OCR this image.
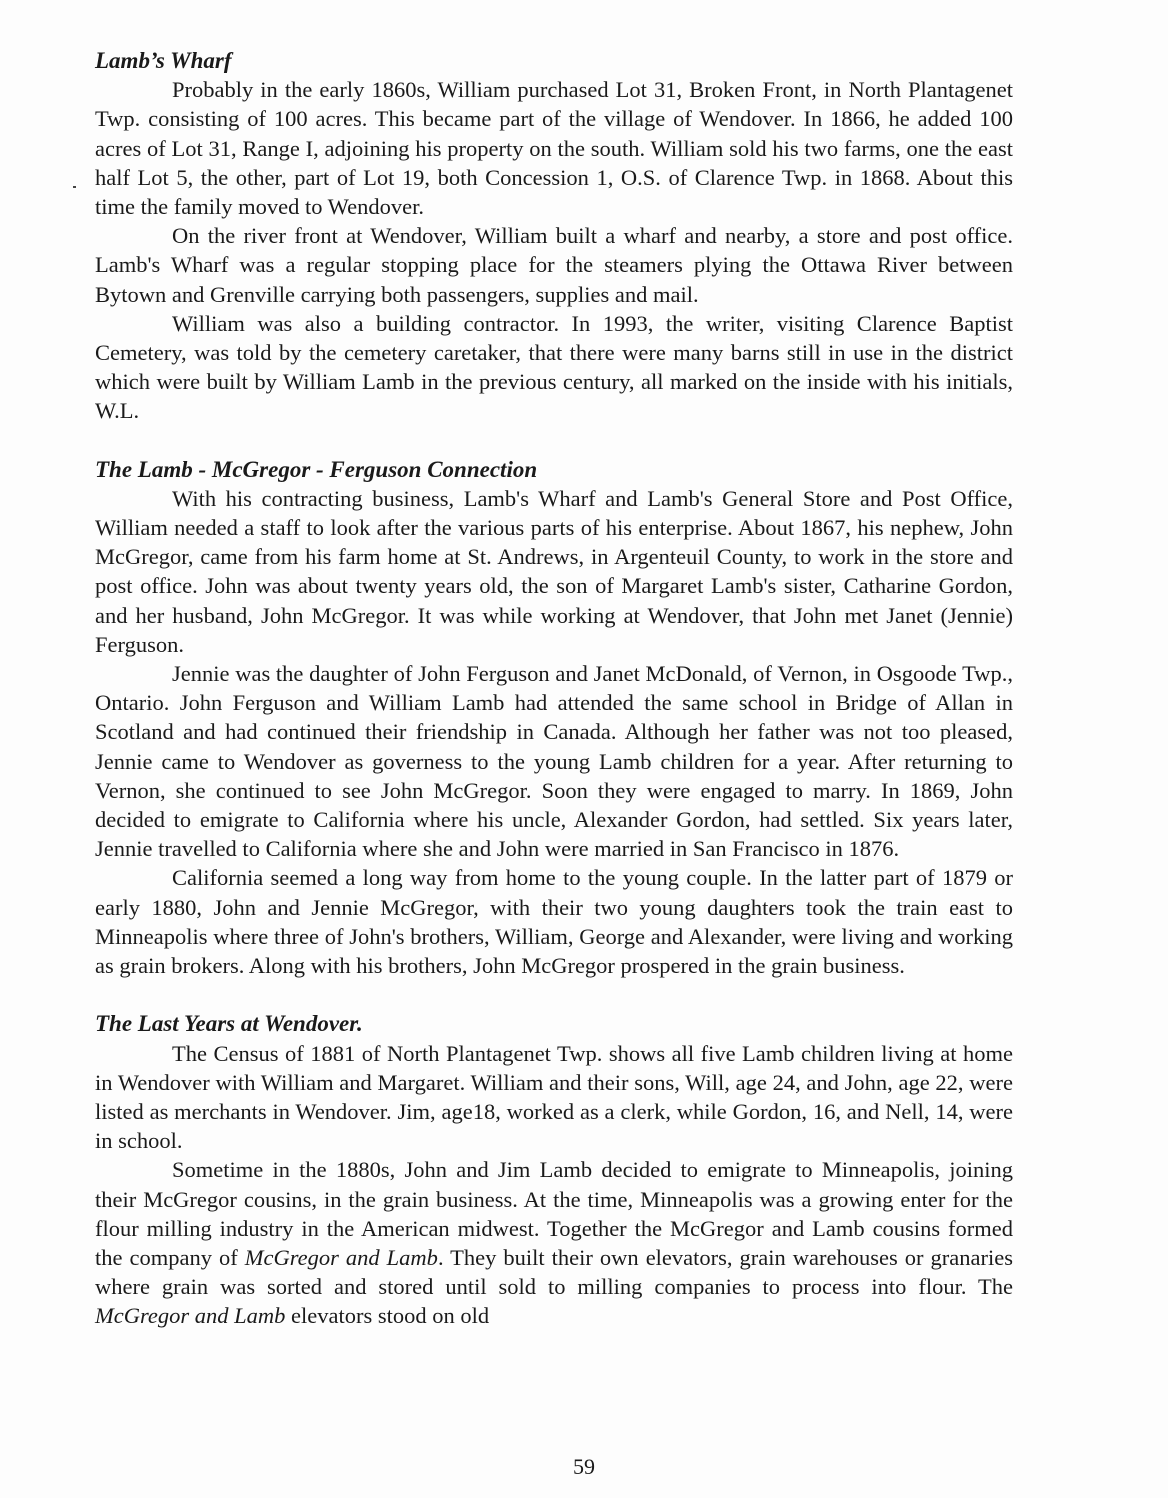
Lamb’s Wharf

Probably in the early 1860s, William purchased Lot 31, Broken Front, in North Plantagenet Twp. consisting of 100 acres. This became part of the village of Wendover. In 1866, he added 100 acres of Lot 31, Range I, adjoining his property on the south. William sold his two farms, one the east half Lot 5, the other, part of Lot 19, both Concession 1, O.S. of Clarence Twp. in 1868. About this time the family moved to Wendover.

On the river front at Wendover, William built a wharf and nearby, a store and post office. Lamb's Wharf was a regular stopping place for the steamers plying the Ottawa River between Bytown and Grenville carrying both passengers, supplies and mail.

William was also a building contractor. In 1993, the writer, visiting Clarence Baptist Cemetery, was told by the cemetery caretaker, that there were many barns still in use in the district which were built by William Lamb in the previous century, all marked on the inside with his initials, W.L.

The Lamb - McGregor - Ferguson Connection

With his contracting business, Lamb's Wharf and Lamb's General Store and Post Office, William needed a staff to look after the various parts of his enterprise. About 1867, his nephew, John McGregor, came from his farm home at St. Andrews, in Argenteuil County, to work in the store and post office. John was about twenty years old, the son of Margaret Lamb's sister, Catharine Gordon, and her husband, John McGregor. It was while working at Wendover, that John met Janet (Jennie) Ferguson.

Jennie was the daughter of John Ferguson and Janet McDonald, of Vernon, in Osgoode Twp., Ontario. John Ferguson and William Lamb had attended the same school in Bridge of Allan in Scotland and had continued their friendship in Canada. Although her father was not too pleased, Jennie came to Wendover as governess to the young Lamb children for a year. After returning to Vernon, she continued to see John McGregor. Soon they were engaged to marry. In 1869, John decided to emigrate to California where his uncle, Alexander Gordon, had settled. Six years later, Jennie travelled to California where she and John were married in San Francisco in 1876.

California seemed a long way from home to the young couple. In the latter part of 1879 or early 1880, John and Jennie McGregor, with their two young daughters took the train east to Minneapolis where three of John's brothers, William, George and Alexander, were living and working as grain brokers. Along with his brothers, John McGregor prospered in the grain business.

The Last Years at Wendover.

The Census of 1881 of North Plantagenet Twp. shows all five Lamb children living at home in Wendover with William and Margaret. William and their sons, Will, age 24, and John, age 22, were listed as merchants in Wendover. Jim, age18, worked as a clerk, while Gordon, 16, and Nell, 14, were in school.

Sometime in the 1880s, John and Jim Lamb decided to emigrate to Minneapolis, joining their McGregor cousins, in the grain business. At the time, Minneapolis was a growing enter for the flour milling industry in the American midwest. Together the McGregor and Lamb cousins formed the company of McGregor and Lamb. They built their own elevators, grain warehouses or granaries where grain was sorted and stored until sold to milling companies to process into flour. The McGregor and Lamb elevators stood on old

59
